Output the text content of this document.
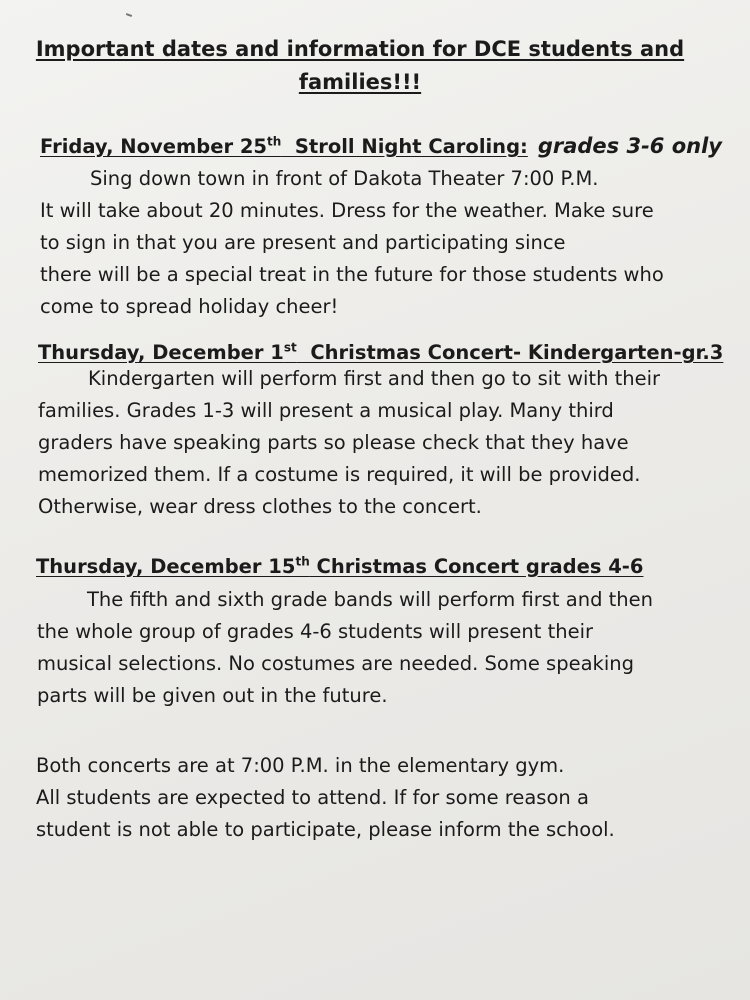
Important dates and information for DCE students and
families!!!
Friday, November 25th  Stroll Night Caroling: grades 3-6 only
Sing down town in front of Dakota Theater 7:00 P.M.
It will take about 20 minutes. Dress for the weather. Make sure
to sign in that you are present and participating since
there will be a special treat in the future for those students who
come to spread holiday cheer!
Thursday, December 1st  Christmas Concert- Kindergarten-gr.3
Kindergarten will perform first and then go to sit with their
families. Grades 1-3 will present a musical play. Many third
graders have speaking parts so please check that they have
memorized them. If a costume is required, it will be provided.
Otherwise, wear dress clothes to the concert.
Thursday, December 15th Christmas Concert grades 4-6
The fifth and sixth grade bands will perform first and then
the whole group of grades 4-6 students will present their
musical selections. No costumes are needed. Some speaking
parts will be given out in the future.
Both concerts are at 7:00 P.M. in the elementary gym.
All students are expected to attend. If for some reason a
student is not able to participate, please inform the school.
